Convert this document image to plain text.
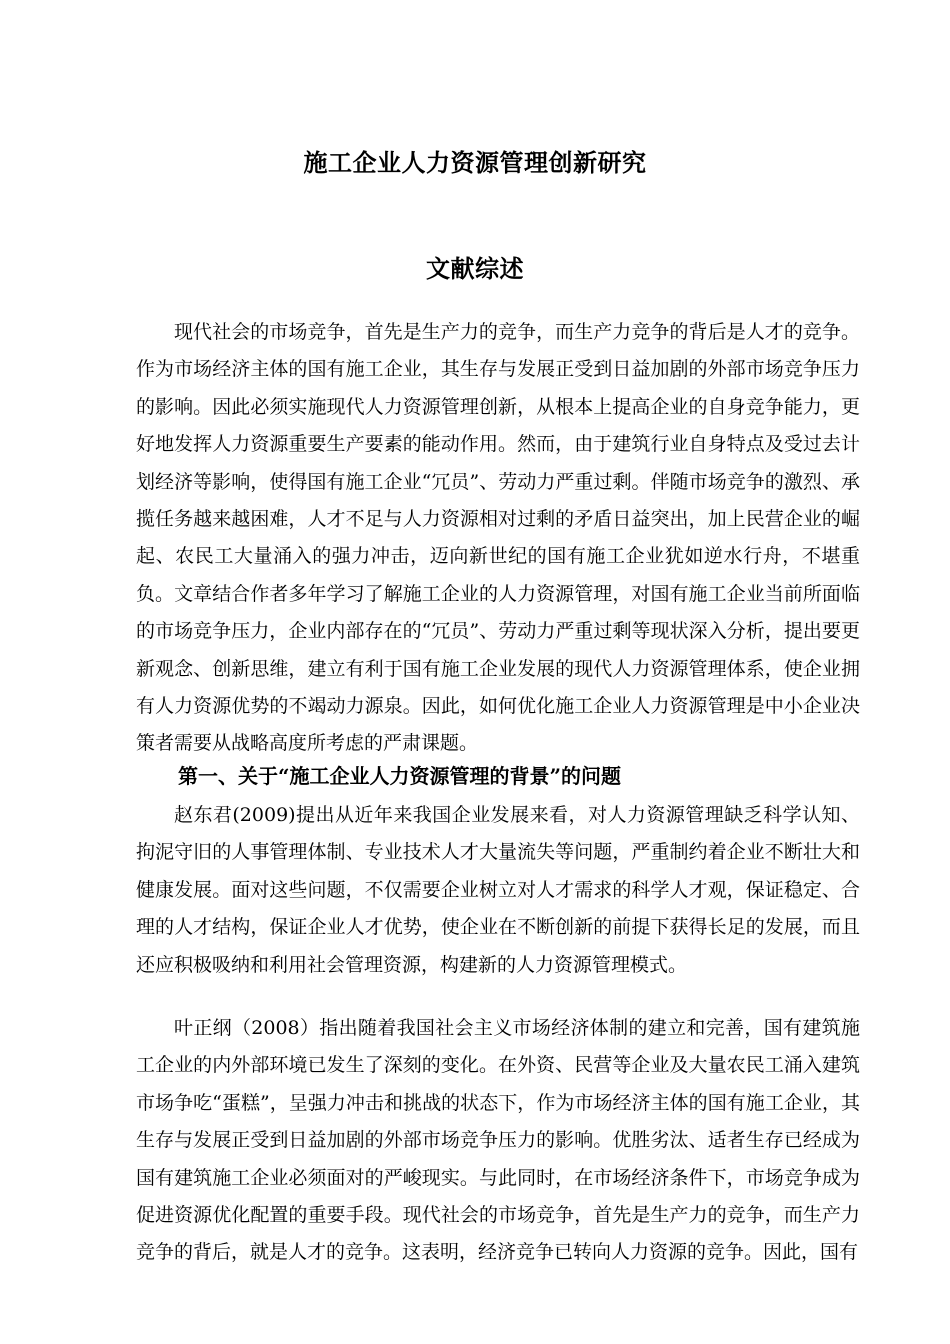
施工企业人力资源管理创新研究
文献综述

现代社会的市场竞争，首先是生产力的竞争，而生产力竞争的背后是人才的竞争。作为市场经济主体的国有施工企业，其生存与发展正受到日益加剧的外部市场竞争压力的影响。因此必须实施现代人力资源管理创新，从根本上提高企业的自身竞争能力，更好地发挥人力资源重要生产要素的能动作用。然而，由于建筑行业自身特点及受过去计划经济等影响，使得国有施工企业“冗员”、劳动力严重过剩。伴随市场竞争的激烈、承揽任务越来越困难，人才不足与人力资源相对过剩的矛盾日益突出，加上民营企业的崛起、农民工大量涌入的强力冲击，迈向新世纪的国有施工企业犹如逆水行舟，不堪重负。文章结合作者多年学习了解施工企业的人力资源管理，对国有施工企业当前所面临的市场竞争压力，企业内部存在的“冗员”、劳动力严重过剩等现状深入分析，提出要更新观念、创新思维，建立有利于国有施工企业发展的现代人力资源管理体系，使企业拥有人力资源优势的不竭动力源泉。因此，如何优化施工企业人力资源管理是中小企业决策者需要从战略高度所考虑的严肃课题。

第一、关于“施工企业人力资源管理的背景”的问题

赵东君(2009)提出从近年来我国企业发展来看，对人力资源管理缺乏科学认知、拘泥守旧的人事管理体制、专业技术人才大量流失等问题，严重制约着企业不断壮大和健康发展。面对这些问题，不仅需要企业树立对人才需求的科学人才观，保证稳定、合理的人才结构，保证企业人才优势，使企业在不断创新的前提下获得长足的发展，而且还应积极吸纳和利用社会管理资源，构建新的人力资源管理模式。

叶正纲（2008）指出随着我国社会主义市场经济体制的建立和完善，国有建筑施工企业的内外部环境已发生了深刻的变化。在外资、民营等企业及大量农民工涌入建筑市场争吃“蛋糕”，呈强力冲击和挑战的状态下，作为市场经济主体的国有施工企业，其生存与发展正受到日益加剧的外部市场竞争压力的影响。优胜劣汰、适者生存已经成为国有建筑施工企业必须面对的严峻现实。与此同时，在市场经济条件下，市场竞争成为促进资源优化配置的重要手段。现代社会的市场竞争，首先是生产力的竞争，而生产力竞争的背后，就是人才的竞争。这表明，经济竞争已转向人力资源的竞争。因此，国有
